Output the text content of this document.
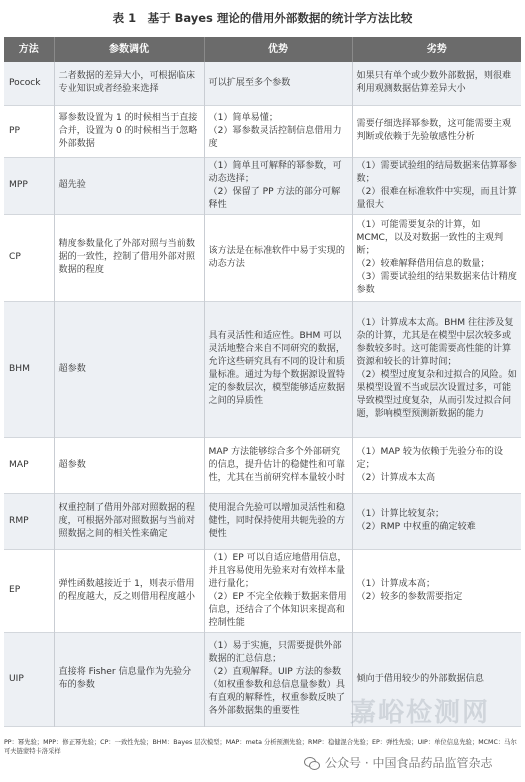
表 1　基于 Bayes 理论的借用外部数据的统计学方法比较
方法	参数调优	优势	劣势
Pocock	二者数据的差异大小，可根据临床专业知识或者经验来选择	可以扩展至多个参数	如果只有单个或少数外部数据，则很难利用观测数据估算差异大小
PP	幂参数设置为 1 的时候相当于直接合并，设置为 0 的时候相当于忽略外部数据	（1）简单易懂；
（2）幂参数灵活控制信息借用力度	需要仔细选择幂参数，这可能需要主观判断或依赖于先验敏感性分析
MPP	超先验	（1）简单且可解释的幂参数，可动态选择；
（2）保留了 PP 方法的部分可解释性	（1）需要试验组的结局数据来估算幂参数；
（2）很难在标准软件中实现，而且计算量很大
CP	精度参数量化了外部对照与当前数据的一致性，控制了借用外部对照数据的程度	该方法是在标准软件中易于实现的动态方法	（1）可能需要复杂的计算，如 MCMC，以及对数据一致性的主观判断；
（2）较难解释借用信息的数量；
（3）需要试验组的结果数据来估计精度参数
BHM	超参数	具有灵活性和适应性。BHM 可以灵活地整合来自不同研究的数据，允许这些研究具有不同的设计和质量标准。通过为每个数据源设置特定的参数层次，模型能够适应数据之间的异质性	（1）计算成本太高。BHM 往往涉及复杂的计算，尤其是在模型中层次较多或参数较多时。这可能需要高性能的计算资源和较长的计算时间；
（2）模型过度复杂和过拟合的风险。如果模型设置不当或层次设置过多，可能导致模型过度复杂，从而引发过拟合问题，影响模型预测新数据的能力
MAP	超参数	MAP 方法能够综合多个外部研究的信息，提升估计的稳健性和可靠性，尤其在当前研究样本量较小时	（1）MAP 较为依赖于先验分布的设定；
（2）计算成本太高
RMP	权重控制了借用外部对照数据的程度，可根据外部对照数据与当前对照数据之间的相关性来确定	使用混合先验可以增加灵活性和稳健性，同时保持使用共轭先验的方便性	（1）计算比较复杂；
（2）RMP 中权重的确定较难
EP	弹性函数越接近于 1，则表示借用的程度越大，反之则借用程度越小	（1）EP 可以自适应地借用信息，并且容易使用先验来对有效样本量进行量化；
（2）EP 不完全依赖于数据来借用信息，还结合了个体知识来提高和控制性能	（1）计算成本高；
（2）较多的参数需要指定
UIP	直接将 Fisher 信息量作为先验分布的参数	（1）易于实施，只需要提供外部数据的汇总信息；
（2）直观解释。UIP 方法的参数（如权重参数和总信息量参数）具有直观的解释性，权重参数反映了各外部数据集的重要性	倾向于借用较少的外部数据信息
嘉峪检测网
PP：幂先验；MPP：修正幂先验；CP：一致性先验；BHM：Bayes 层次模型；MAP：meta 分析预测先验；RMP：稳健混合先验；EP：弹性先验；UIP：单位信息先验；MCMC：马尔可夫链蒙特卡洛采样
公众号 · 中国食品药品监管杂志
